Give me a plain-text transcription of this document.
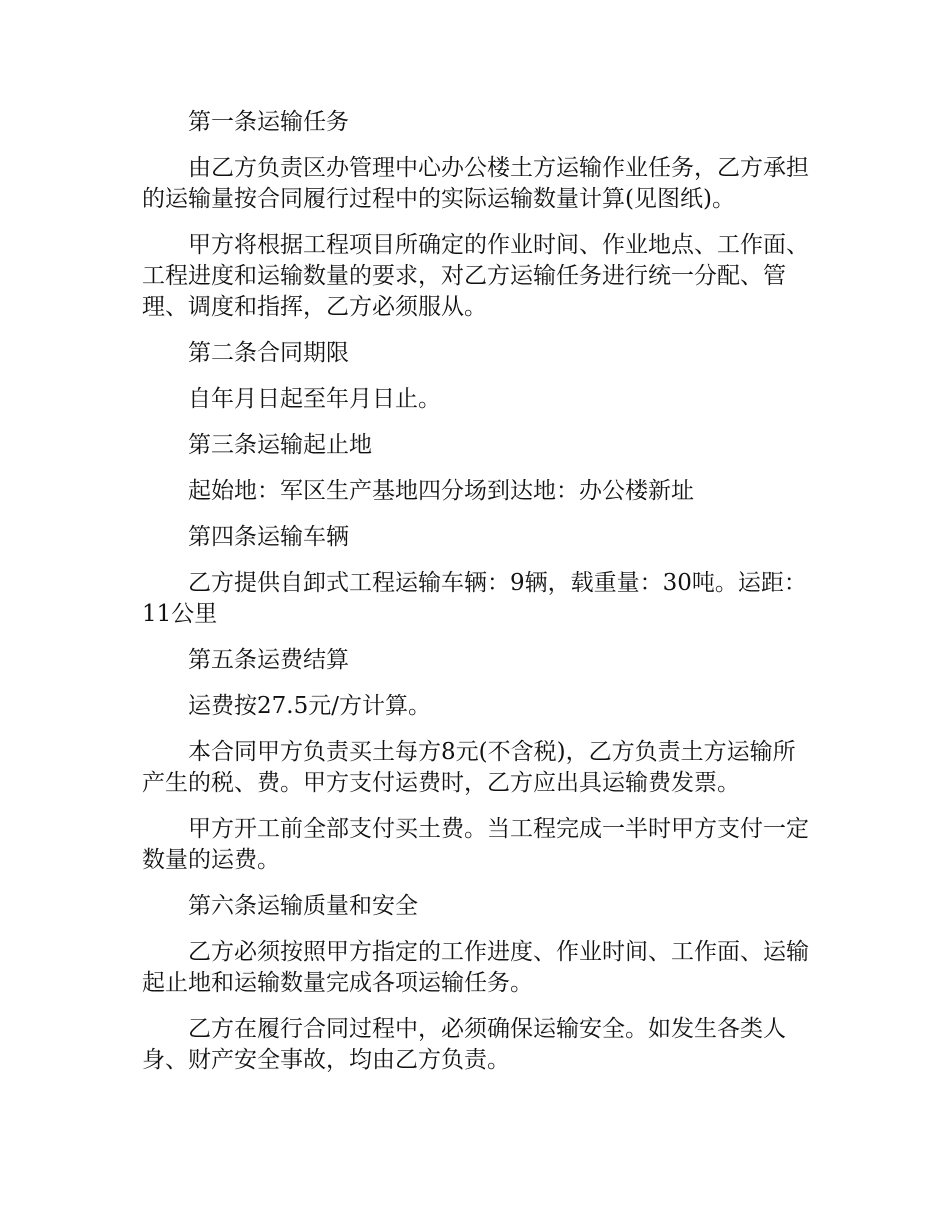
第一条运输任务

由乙方负责区办管理中心办公楼土方运输作业任务，乙方承担的运输量按合同履行过程中的实际运输数量计算(见图纸)。

甲方将根据工程项目所确定的作业时间、作业地点、工作面、工程进度和运输数量的要求，对乙方运输任务进行统一分配、管理、调度和指挥，乙方必须服从。

第二条合同期限

自年月日起至年月日止。

第三条运输起止地

起始地：军区生产基地四分场到达地：办公楼新址

第四条运输车辆

乙方提供自卸式工程运输车辆：9辆，载重量：30吨。运距：11公里

第五条运费结算

运费按27.5元/方计算。

本合同甲方负责买土每方8元(不含税)，乙方负责土方运输所产生的税、费。甲方支付运费时，乙方应出具运输费发票。

甲方开工前全部支付买土费。当工程完成一半时甲方支付一定数量的运费。

第六条运输质量和安全

乙方必须按照甲方指定的工作进度、作业时间、工作面、运输起止地和运输数量完成各项运输任务。

乙方在履行合同过程中，必须确保运输安全。如发生各类人身、财产安全事故，均由乙方负责。
